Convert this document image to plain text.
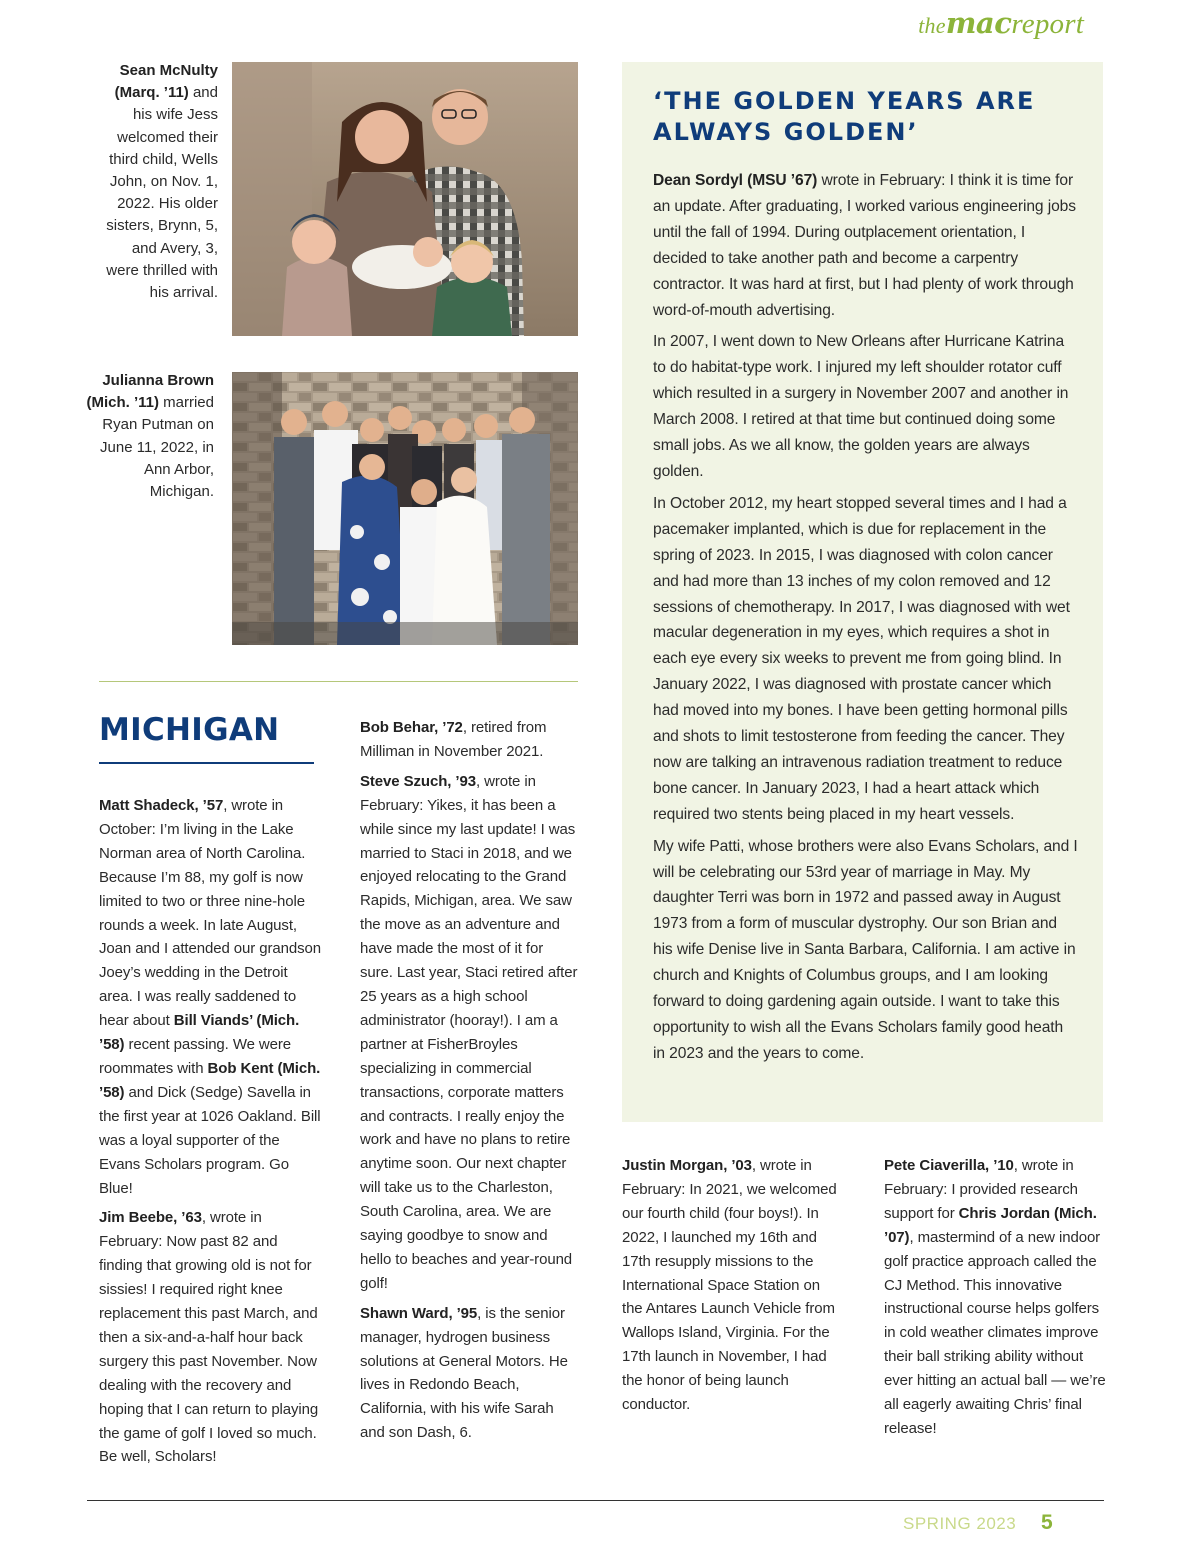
themacreport
Sean McNulty (Marq. ’11) and his wife Jess welcomed their third child, Wells John, on Nov. 1, 2022. His older sisters, Brynn, 5, and Avery, 3, were thrilled with his arrival.
Julianna Brown (Mich. ’11) married Ryan Putman on June 11, 2022, in Ann Arbor, Michigan.
MICHIGAN

Matt Shadeck, ’57, wrote in October: I’m living in the Lake Norman area of North Carolina. Because I’m 88, my golf is now limited to two or three nine-hole rounds a week. In late August, Joan and I attended our grandson Joey’s wedding in the Detroit area. I was really saddened to hear about Bill Viands’ (Mich. ’58) recent passing. We were roommates with Bob Kent (Mich. ’58) and Dick (Sedge) Savella in the first year at 1026 Oakland. Bill was a loyal supporter of the Evans Scholars program. Go Blue!

Jim Beebe, ’63, wrote in February: Now past 82 and finding that growing old is not for sissies! I required right knee replacement this past March, and then a six-and-a-half hour back surgery this past November. Now dealing with the recovery and hoping that I can return to playing the game of golf I loved so much. Be well, Scholars!

Bob Behar, ’72, retired from Milliman in November 2021.

Steve Szuch, ’93, wrote in February: Yikes, it has been a while since my last update! I was married to Staci in 2018, and we enjoyed relocating to the Grand Rapids, Michigan, area. We saw the move as an adventure and have made the most of it for sure. Last year, Staci retired after 25 years as a high school administrator (hooray!). I am a partner at FisherBroyles specializing in commercial transactions, corporate matters and contracts. I really enjoy the work and have no plans to retire anytime soon. Our next chapter will take us to the Charleston, South Carolina, area. We are saying goodbye to snow and hello to beaches and year-round golf!

Shawn Ward, ’95, is the senior manager, hydrogen business solutions at General Motors. He lives in Redondo Beach, California, with his wife Sarah and son Dash, 6.

‘THE GOLDEN YEARS ARE ALWAYS GOLDEN’

Dean Sordyl (MSU ’67) wrote in February: I think it is time for an update. After graduating, I worked various engineering jobs until the fall of 1994. During outplacement orientation, I decided to take another path and become a carpentry contractor. It was hard at first, but I had plenty of work through word-of-mouth advertising.

In 2007, I went down to New Orleans after Hurricane Katrina to do habitat-type work. I injured my left shoulder rotator cuff which resulted in a surgery in November 2007 and another in March 2008. I retired at that time but continued doing some small jobs. As we all know, the golden years are always golden.

In October 2012, my heart stopped several times and I had a pacemaker implanted, which is due for replacement in the spring of 2023. In 2015, I was diagnosed with colon cancer and had more than 13 inches of my colon removed and 12 sessions of chemotherapy. In 2017, I was diagnosed with wet macular degeneration in my eyes, which requires a shot in each eye every six weeks to prevent me from going blind. In January 2022, I was diagnosed with prostate cancer which had moved into my bones. I have been getting hormonal pills and shots to limit testosterone from feeding the cancer. They now are talking an intravenous radiation treatment to reduce bone cancer. In January 2023, I had a heart attack which required two stents being placed in my heart vessels.

My wife Patti, whose brothers were also Evans Scholars, and I will be celebrating our 53rd year of marriage in May. My daughter Terri was born in 1972 and passed away in August 1973 from a form of muscular dystrophy. Our son Brian and his wife Denise live in Santa Barbara, California. I am active in church and Knights of Columbus groups, and I am looking forward to doing gardening again outside. I want to take this opportunity to wish all the Evans Scholars family good heath in 2023 and the years to come.

Justin Morgan, ’03, wrote in February: In 2021, we welcomed our fourth child (four boys!). In 2022, I launched my 16th and 17th resupply missions to the International Space Station on the Antares Launch Vehicle from Wallops Island, Virginia. For the 17th launch in November, I had the honor of being launch conductor.

Pete Ciaverilla, ’10, wrote in February: I provided research support for Chris Jordan (Mich. ’07), mastermind of a new indoor golf practice approach called the CJ Method. This innovative instructional course helps golfers in cold weather climates improve their ball striking ability without ever hitting an actual ball — we’re all eagerly awaiting Chris’ final release!

SPRING 2023 5
